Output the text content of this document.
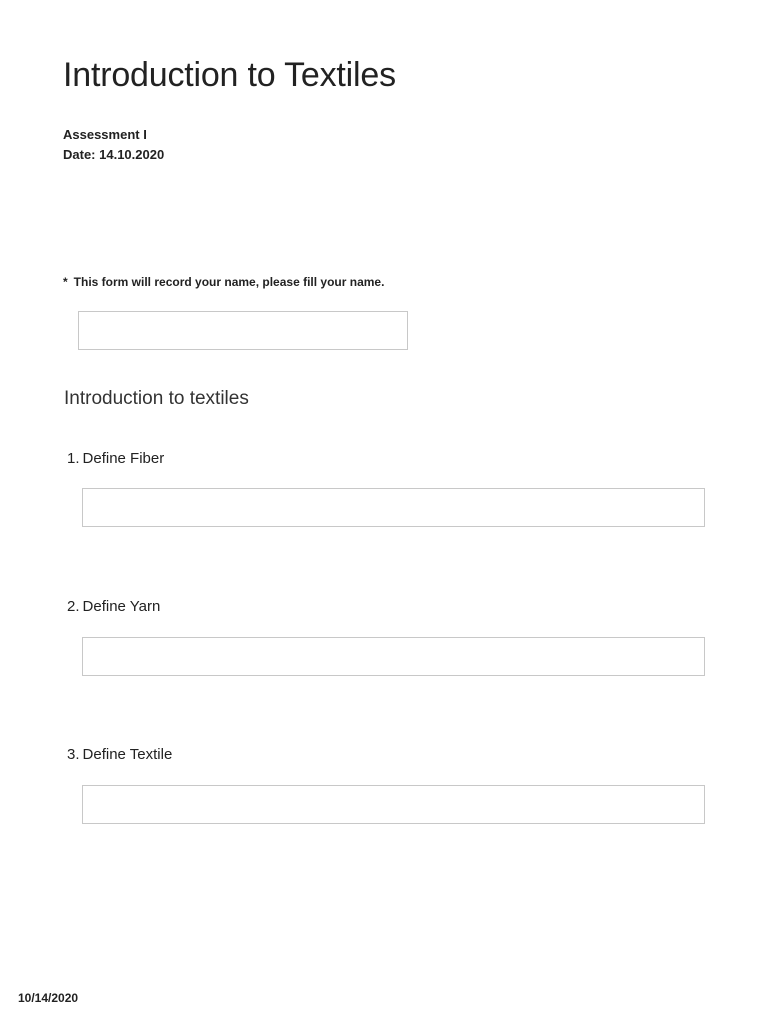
Introduction to Textiles
Assessment I
Date: 14.10.2020
* This form will record your name, please fill your name.
Introduction to textiles
1. Define Fiber
2. Define Yarn
3. Define Textile
10/14/2020
